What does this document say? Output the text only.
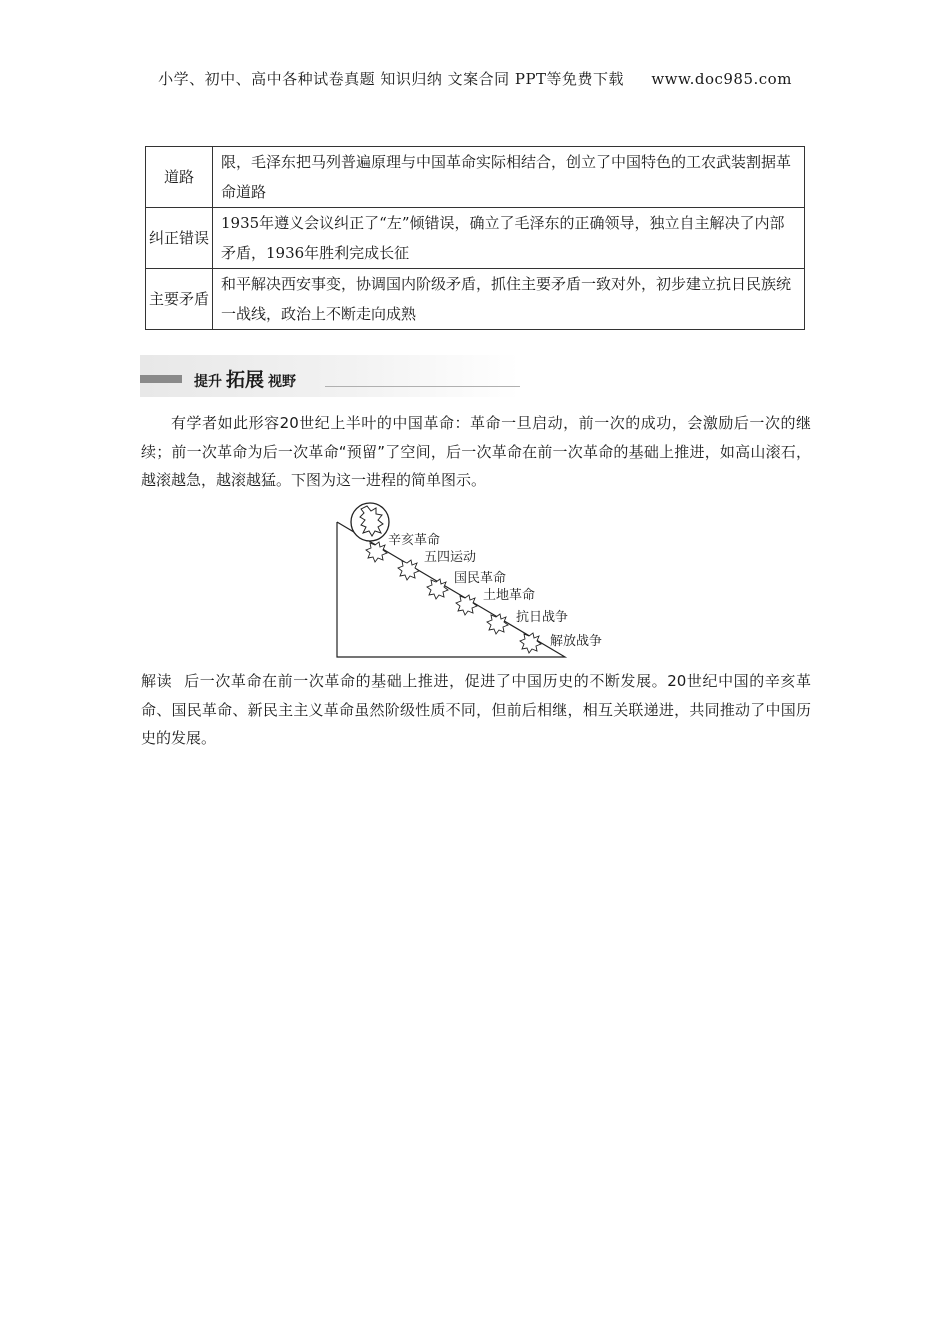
小学、初中、高中各种试卷真题 知识归纳 文案合同 PPT等免费下载 www.doc985.com
道路	限，毛泽东把马列普遍原理与中国革命实际相结合，创立了中国特色的工农武装割据革命道路
纠正错误	1935年遵义会议纠正了“左”倾错误，确立了毛泽东的正确领导，独立自主解决了内部矛盾，1936年胜利完成长征
主要矛盾	和平解决西安事变，协调国内阶级矛盾，抓住主要矛盾一致对外，初步建立抗日民族统一战线，政治上不断走向成熟
提升 拓展 视野
有学者如此形容20世纪上半叶的中国革命：革命一旦启动，前一次的成功，会激励后一次的继续；前一次革命为后一次革命“预留”了空间，后一次革命在前一次革命的基础上推进，如高山滚石，越滚越急，越滚越猛。下图为这一进程的简单图示。
辛亥革命
五四运动
国民革命
土地革命
抗日战争
解放战争
解读 后一次革命在前一次革命的基础上推进，促进了中国历史的不断发展。20世纪中国的辛亥革命、国民革命、新民主主义革命虽然阶级性质不同，但前后相继，相互关联递进，共同推动了中国历史的发展。
